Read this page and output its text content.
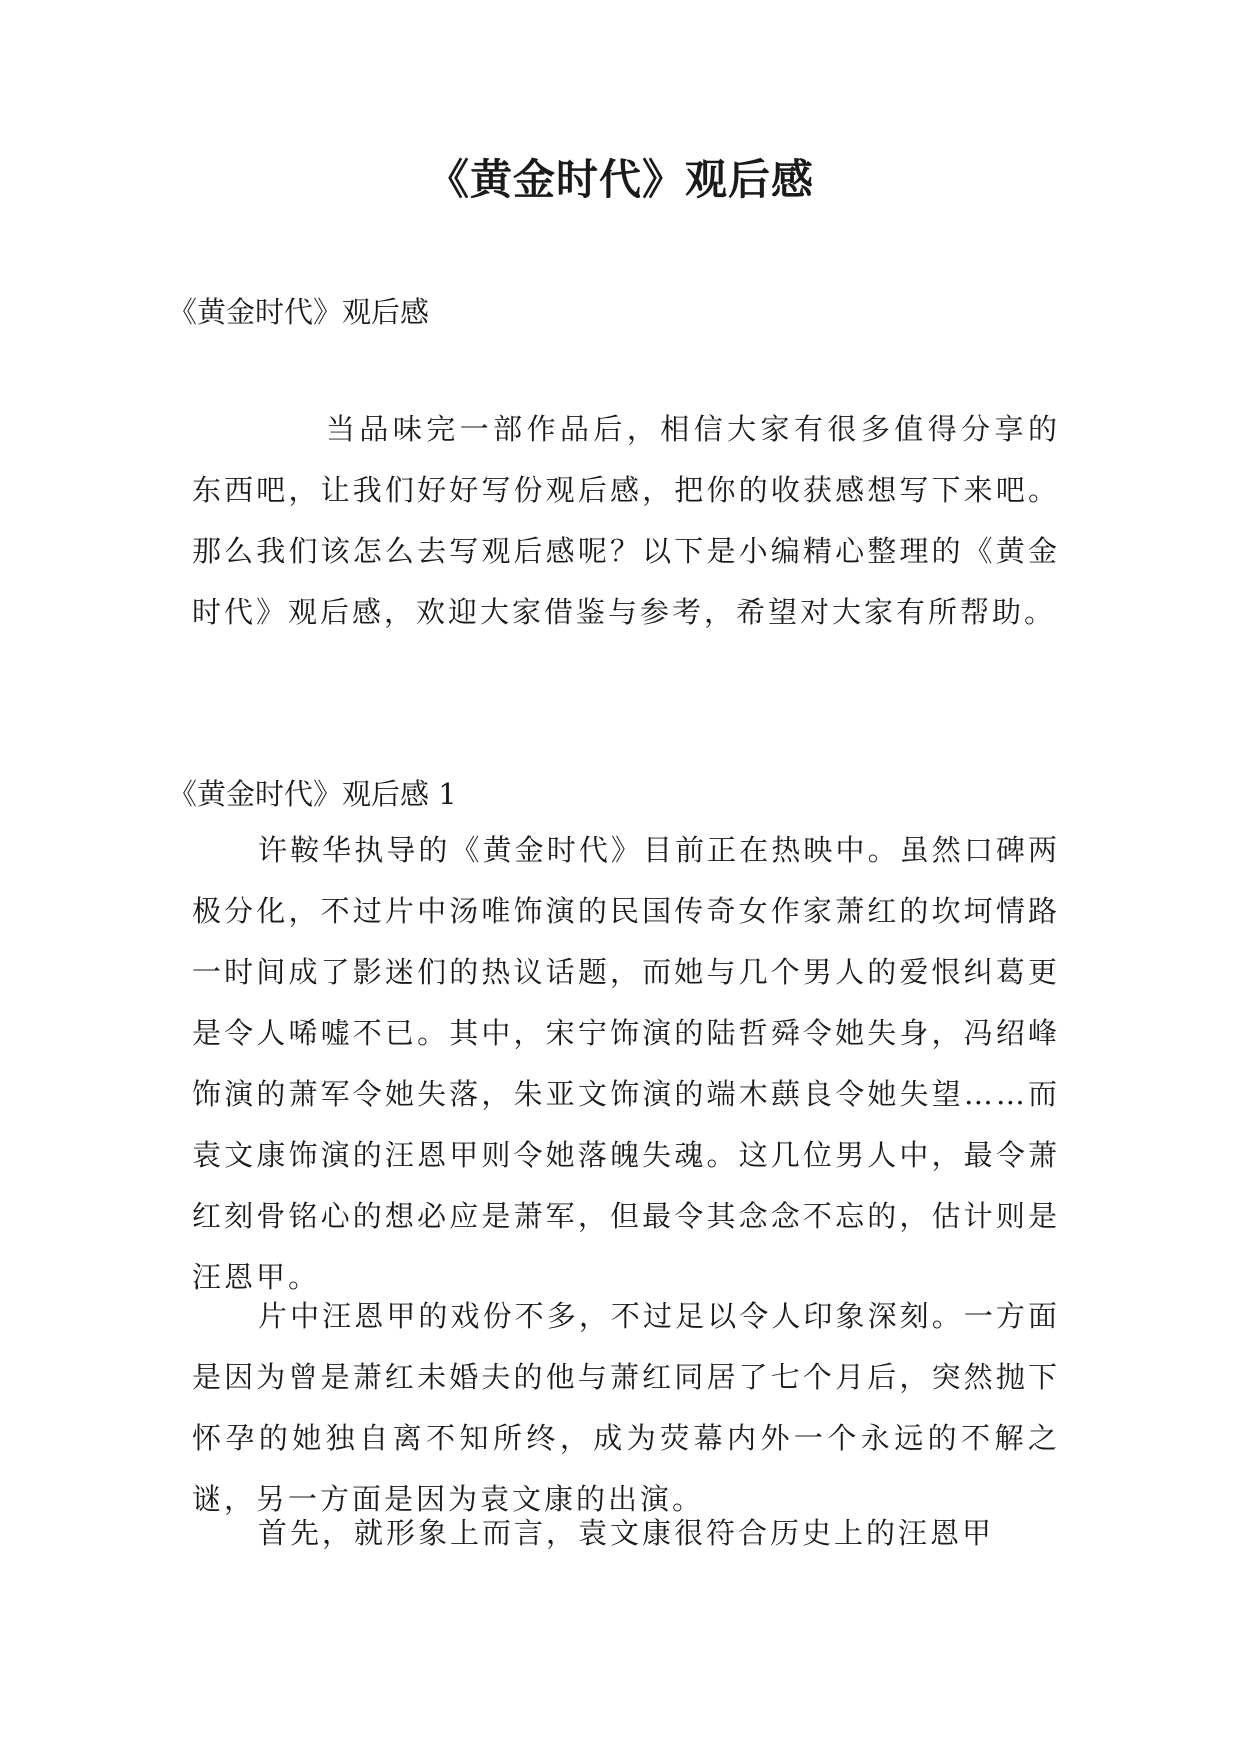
《黄金时代》观后感

《黄金时代》观后感

当品味完一部作品后，相信大家有很多值得分享的东西吧，让我们好好写份观后感，把你的收获感想写下来吧。那么我们该怎么去写观后感呢？以下是小编精心整理的《黄金时代》观后感，欢迎大家借鉴与参考，希望对大家有所帮助。

《黄金时代》观后感 1

许鞍华执导的《黄金时代》目前正在热映中。虽然口碑两极分化，不过片中汤唯饰演的民国传奇女作家萧红的坎坷情路一时间成了影迷们的热议话题，而她与几个男人的爱恨纠葛更是令人唏嘘不已。其中，宋宁饰演的陆哲舜令她失身，冯绍峰饰演的萧军令她失落，朱亚文饰演的端木蕻良令她失望……而袁文康饰演的汪恩甲则令她落魄失魂。这几位男人中，最令萧红刻骨铭心的想必应是萧军，但最令其念念不忘的，估计则是汪恩甲。

片中汪恩甲的戏份不多，不过足以令人印象深刻。一方面是因为曾是萧红未婚夫的他与萧红同居了七个月后，突然抛下怀孕的她独自离不知所终，成为荧幕内外一个永远的不解之谜，另一方面是因为袁文康的出演。

首先，就形象上而言，袁文康很符合历史上的汪恩甲
